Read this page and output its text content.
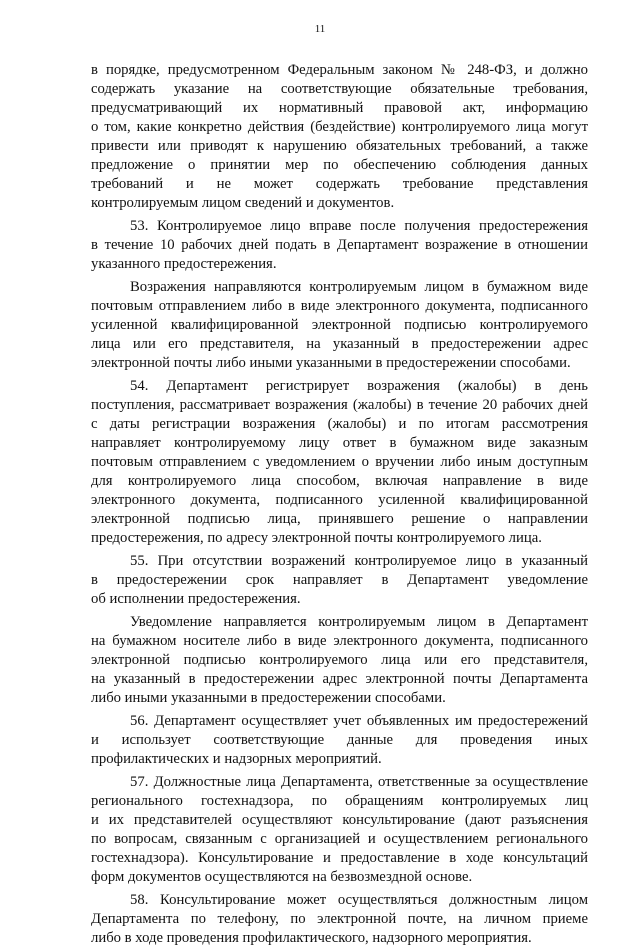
11

в порядке, предусмотренном Федеральным законом № 248-ФЗ, и должно

содержать указание на соответствующие обязательные требования,

предусматривающий их нормативный правовой акт, информацию

о том, какие конкретно действия (бездействие) контролируемого лица могут

привести или приводят к нарушению обязательных требований, а также

предложение о принятии мер по обеспечению соблюдения данных

требований и не может содержать требование представления

контролируемым лицом сведений и документов.

53. Контролируемое лицо вправе после получения предостережения

в течение 10 рабочих дней подать в Департамент возражение в отношении

указанного предостережения.

Возражения направляются контролируемым лицом в бумажном виде

почтовым отправлением либо в виде электронного документа, подписанного

усиленной квалифицированной электронной подписью контролируемого

лица или его представителя, на указанный в предостережении адрес

электронной почты либо иными указанными в предостережении способами.

54. Департамент регистрирует возражения (жалобы) в день

поступления, рассматривает возражения (жалобы) в течение 20 рабочих дней

с даты регистрации возражения (жалобы) и по итогам рассмотрения

направляет контролируемому лицу ответ в бумажном виде заказным

почтовым отправлением с уведомлением о вручении либо иным доступным

для контролируемого лица способом, включая направление в виде

электронного документа, подписанного усиленной квалифицированной

электронной подписью лица, принявшего решение о направлении

предостережения, по адресу электронной почты контролируемого лица.

55. При отсутствии возражений контролируемое лицо в указанный

в предостережении срок направляет в Департамент уведомление

об исполнении предостережения.

Уведомление направляется контролируемым лицом в Департамент

на бумажном носителе либо в виде электронного документа, подписанного

электронной подписью контролируемого лица или его представителя,

на указанный в предостережении адрес электронной почты Департамента

либо иными указанными в предостережении способами.

56. Департамент осуществляет учет объявленных им предостережений

и использует соответствующие данные для проведения иных

профилактических и надзорных мероприятий.

57. Должностные лица Департамента, ответственные за осуществление

регионального гостехнадзора, по обращениям контролируемых лиц

и их представителей осуществляют консультирование (дают разъяснения

по вопросам, связанным с организацией и осуществлением регионального

гостехнадзора). Консультирование и предоставление в ходе консультаций

форм документов осуществляются на безвозмездной основе.

58. Консультирование может осуществляться должностным лицом

Департамента по телефону, по электронной почте, на личном приеме

либо в ходе проведения профилактического, надзорного мероприятия.
